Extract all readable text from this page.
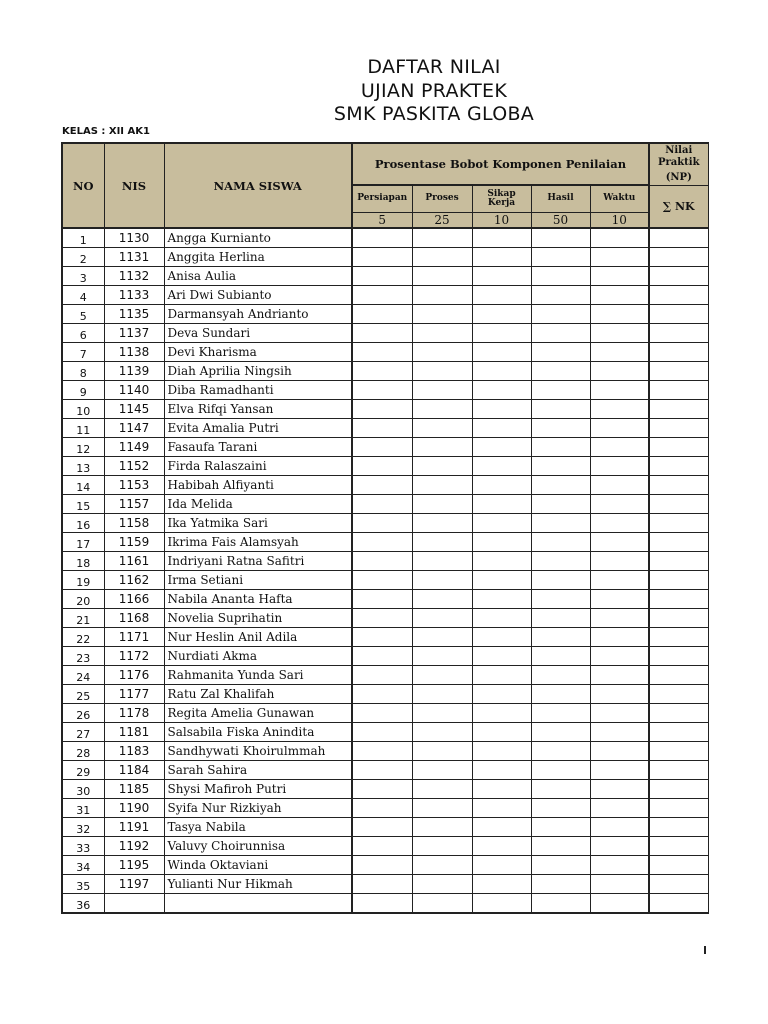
DAFTAR NILAI
UJIAN PRAKTEK
SMK PASKITA GLOBA
KELAS : XII AK1
NO	NIS	NAMA SISWA	Prosentase Bobot Komponen Penilaian					Nilai
Praktik
(NP)

			Persiapan	Proses	Sikap Kerja	Hasil	Waktu	∑ NK
			5	25	10	50	10	
1	1130	Angga Kurnianto						
2	1131	Anggita Herlina						
3	1132	Anisa Aulia						
4	1133	Ari Dwi Subianto						
5	1135	Darmansyah Andrianto						
6	1137	Deva Sundari						
7	1138	Devi Kharisma						
8	1139	Diah Aprilia Ningsih						
9	1140	Diba Ramadhanti						
10	1145	Elva Rifqi Yansan						
11	1147	Evita Amalia Putri						
12	1149	Fasaufa Tarani						
13	1152	Firda Ralaszaini						
14	1153	Habibah Alfiyanti						
15	1157	Ida Melida						
16	1158	Ika Yatmika Sari						
17	1159	Ikrima Fais Alamsyah						
18	1161	Indriyani Ratna Safitri						
19	1162	Irma Setiani						
20	1166	Nabila Ananta Hafta						
21	1168	Novelia Suprihatin						
22	1171	Nur Heslin Anil Adila						
23	1172	Nurdiati Akma						
24	1176	Rahmanita Yunda Sari						
25	1177	Ratu Zal Khalifah						
26	1178	Regita Amelia Gunawan						
27	1181	Salsabila Fiska Anindita						
28	1183	Sandhywati Khoirulmmah						
29	1184	Sarah Sahira						
30	1185	Shysi Mafiroh Putri						
31	1190	Syifa Nur Rizkiyah						
32	1191	Tasya Nabila						
33	1192	Valuvy Choirunnisa						
34	1195	Winda Oktaviani						
35	1197	Yulianti Nur Hikmah						
36								
